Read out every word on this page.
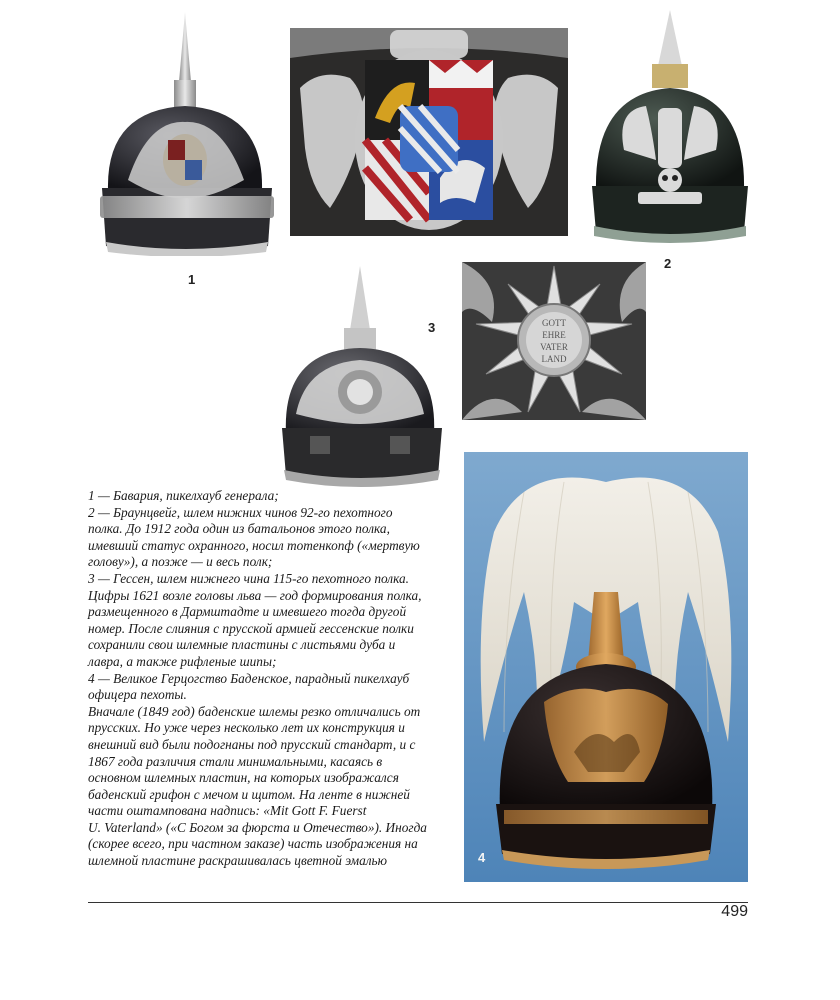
GOTT
EHRE
VATER
LAND
1
2
3
4

1 — Бавария, пикелхауб генерала;

2 — Браунцвейг, шлем нижних чинов 92-го пехотного

полка. До 1912 года один из батальонов этого полка,

имевший статус охранного, носил тотенкопф («мертвую

голову»), а позже — и весь полк;

3 — Гессен, шлем нижнего чина 115-го пехотного полка.

Цифры 1621 возле головы льва — год формирования полка,

размещенного в Дармштадте и имевшего тогда другой

номер. После слияния с прусской армией гессенские полки

сохранили свои шлемные пластины с листьями дуба и

лавра, а также рифленые шипы;

4 — Великое Герцогство Баденское, парадный пикелхауб

офицера пехоты.

Вначале (1849 год) баденские шлемы резко отличались от

прусских. Но уже через несколько лет их конструкция и

внешний вид были подогнаны под прусский стандарт, и с

1867 года различия стали минимальными, касаясь в

основном шлемных пластин, на которых изображался

баденский грифон с мечом и щитом. На ленте в нижней

части оштампована надпись: «Mit Gott F. Fuerst

U. Vaterland» («С Богом за фюрста и Отечество»). Иногда

(скорее всего, при частном заказе) часть изображения на

шлемной пластине раскрашивалась цветной эмалью

499
